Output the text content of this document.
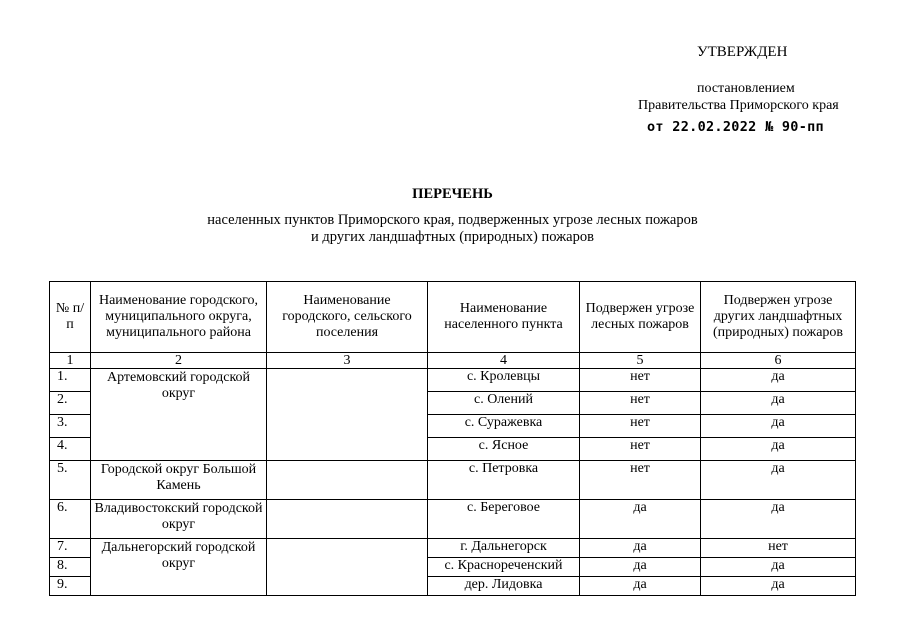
УТВЕРЖДЕН
постановлением
Правительства Приморского края
от 22.02.2022 № 90-пп
ПЕРЕЧЕНЬ
населенных пунктов Приморского края, подверженных угрозе лесных пожаров
и других ландшафтных (природных) пожаров
№ п/п	Наименование городского, муниципального округа, муниципального района	Наименование городского, сельского поселения	Наименование населенного пункта	Подвержен угрозе лесных пожаров	Подвержен угрозе других ландшафтных (природных) пожаров
1	2	3	4	5	6
1.	Артемовский городской округ		с. Кролевцы	нет	да
2.			с. Олений	нет	да
3.			с. Суражевка	нет	да
4.			с. Ясное	нет	да
5.	Городской округ Большой Камень		с. Петровка	нет	да
6.	Владивостокский городской округ		с. Береговое	да	да
7.	Дальнегорский городской округ		г. Дальнегорск	да	нет
8.			с. Краснореченский	да	да
9.			дер. Лидовка	да	да
